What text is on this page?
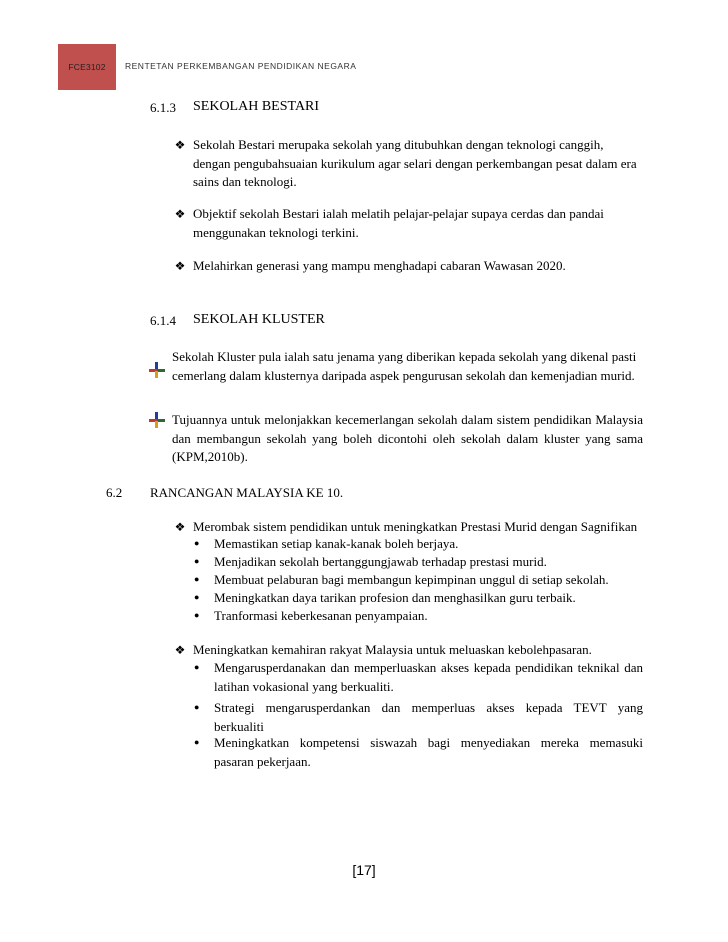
FCE3102 RENTETAN PERKEMBANGAN PENDIDIKAN NEGARA
6.1.3 SEKOLAH BESTARI
❖ Sekolah Bestari merupaka sekolah yang ditubuhkan dengan teknologi canggih,
dengan pengubahsuaian kurikulum agar selari dengan perkembangan pesat dalam era
sains dan teknologi.
❖ Objektif sekolah Bestari ialah melatih pelajar-pelajar supaya cerdas dan pandai
menggunakan teknologi terkini.
❖ Melahirkan generasi yang mampu menghadapi cabaran Wawasan 2020.
6.1.4 SEKOLAH KLUSTER
Sekolah Kluster pula ialah satu jenama yang diberikan kepada sekolah yang dikenal pasti
cemerlang dalam klusternya daripada aspek pengurusan sekolah dan kemenjadian murid.
Tujuannya untuk melonjakkan kecemerlangan sekolah dalam sistem pendidikan Malaysia
dan membangun sekolah yang boleh dicontohi oleh sekolah dalam kluster yang sama
(KPM,2010b).
6.2 RANCANGAN MALAYSIA KE 10.
❖ Merombak sistem pendidikan untuk meningkatkan Prestasi Murid dengan Sagnifikan
● Memastikan setiap kanak-kanak boleh berjaya.
● Menjadikan sekolah bertanggungjawab terhadap prestasi murid.
● Membuat pelaburan bagi membangun kepimpinan unggul di setiap sekolah.
● Meningkatkan daya tarikan profesion dan menghasilkan guru terbaik.
● Tranformasi keberkesanan penyampaian.
❖ Meningkatkan kemahiran rakyat Malaysia untuk meluaskan kebolehpasaran.
● Mengarusperdanakan dan memperluaskan akses kepada pendidikan teknikal dan
latihan vokasional yang berkualiti.
● Strategi mengarusperdankan dan memperluas akses kepada TEVT yang
berkualiti
● Meningkatkan kompetensi siswazah bagi menyediakan mereka memasuki
pasaran pekerjaan.
[17]
